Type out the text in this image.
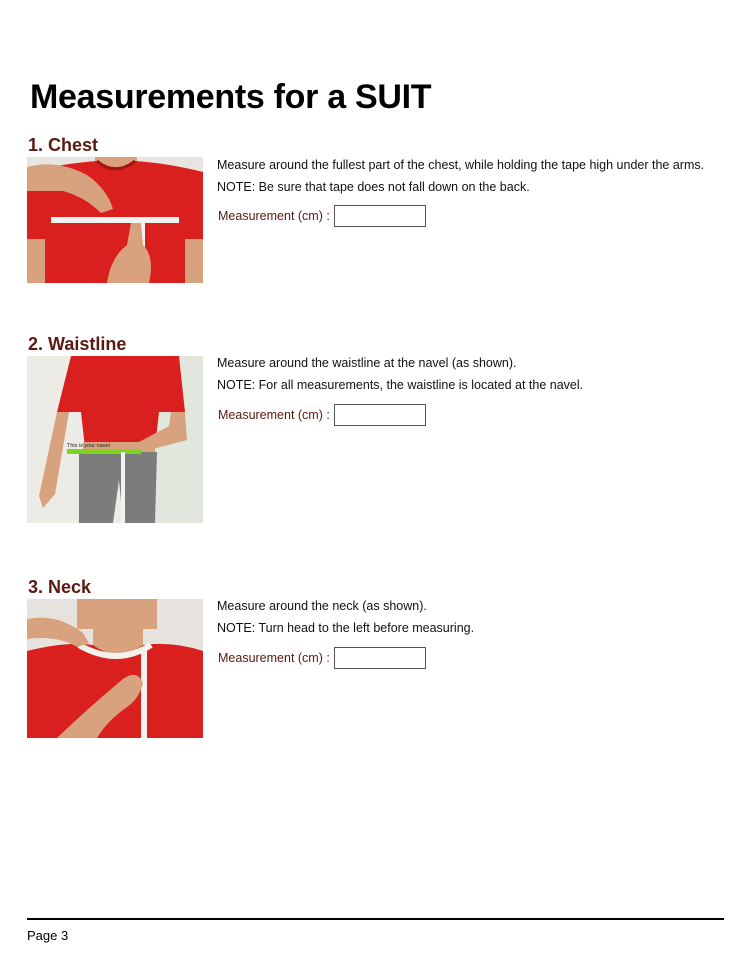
Measurements for a SUIT
1. Chest
Measure around the fullest part of the chest, while holding the tape high under the arms.
NOTE: Be sure that tape does not fall down on the back.
Measurement (cm) :
2. Waistline
This is your navel
Measure around the waistline at the navel (as shown).
NOTE: For all measurements, the waistline is located at the navel.
Measurement (cm) :
3. Neck
Measure around the neck (as shown).
NOTE: Turn head to the left before measuring.
Measurement (cm) :
Page 3
